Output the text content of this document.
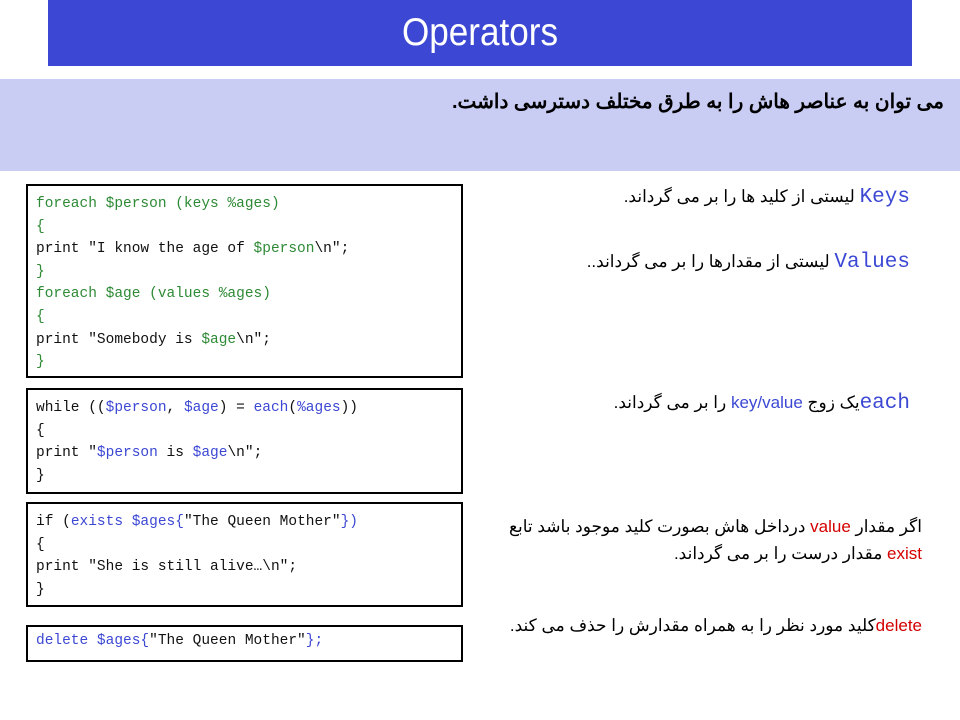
Operators
می توان به عناصر هاش را به طرق مختلف دسترسی داشت.
foreach $person (keys %ages)
{
print "I know the age of $person\n";
}
foreach $age (values %ages)
{
print "Somebody is $age\n";
}
while (($person, $age) = each(%ages))
{
print "$person is $age\n";
}
if (exists $ages{"The Queen Mother"})
{
print "She is still alive…\n";
}
delete $ages{"The Queen Mother"};
Keys لیستی از کلید ها را بر می گرداند.
Values لیستی از مقدارها را بر می گرداند..
eachیک زوج key/value را بر می گرداند.
اگر مقدار value درداخل هاش بصورت کلید موجود باشد تابع exist مقدار درست را بر می گرداند.
deleteکلید مورد نظر را به همراه مقدارش را حذف می کند.
